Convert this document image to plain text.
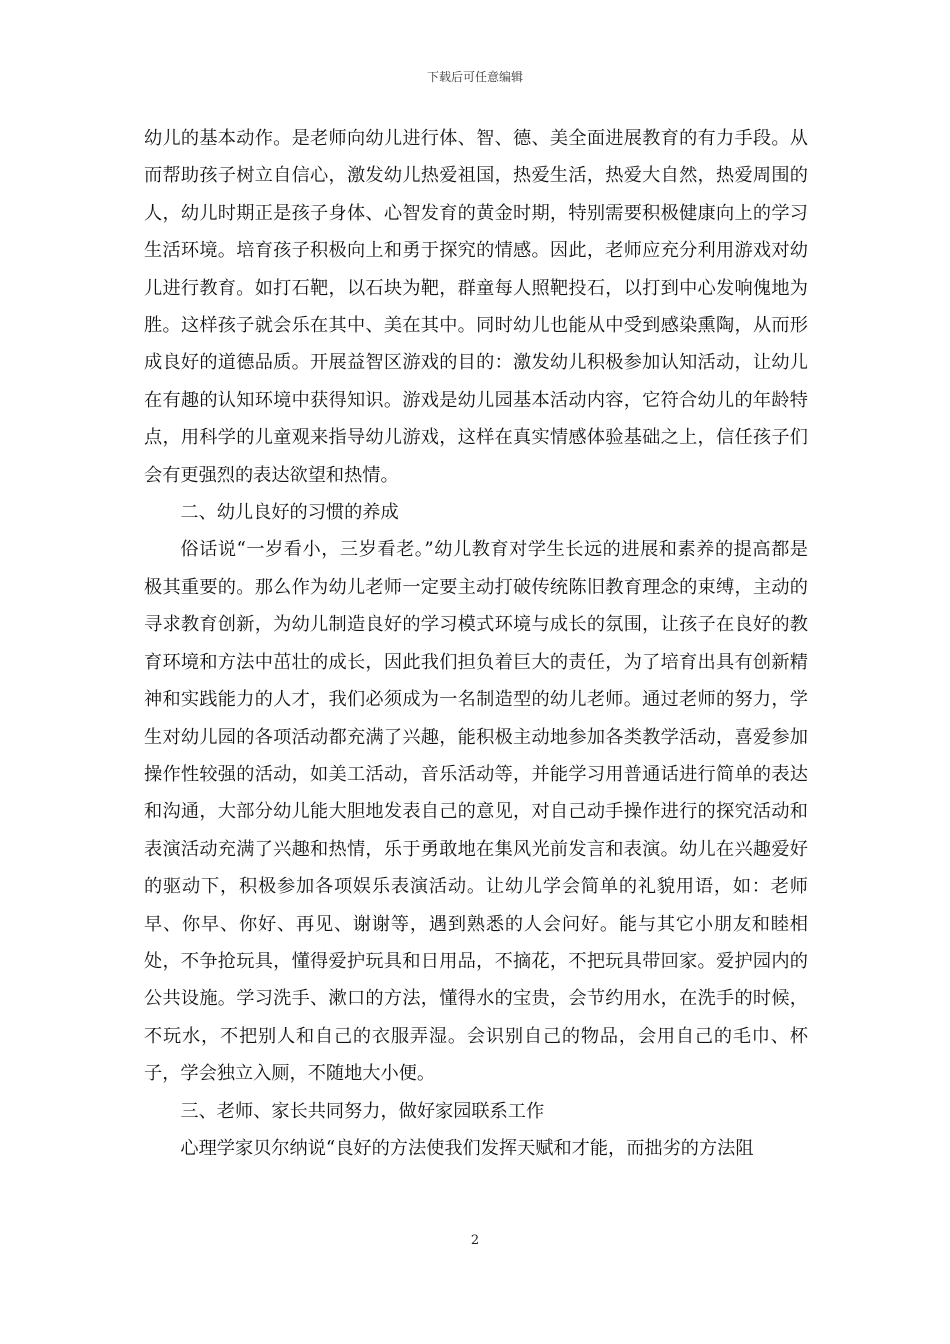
下载后可任意编辑

幼儿的基本动作。是老师向幼儿进行体、智、德、美全面进展教育的有力手段。从而帮助孩子树立自信心，激发幼儿热爱祖国，热爱生活，热爱大自然，热爱周围的人，幼儿时期正是孩子身体、心智发育的黄金时期，特别需要积极健康向上的学习生活环境。培育孩子积极向上和勇于探究的情感。因此，老师应充分利用游戏对幼儿进行教育。如打石靶，以石块为靶，群童每人照靶投石，以打到中心发响傀地为胜。这样孩子就会乐在其中、美在其中。同时幼儿也能从中受到感染熏陶，从而形成良好的道德品质。开展益智区游戏的目的：激发幼儿积极参加认知活动，让幼儿在有趣的认知环境中获得知识。游戏是幼儿园基本活动内容，它符合幼儿的年龄特点，用科学的儿童观来指导幼儿游戏，这样在真实情感体验基础之上，信任孩子们会有更强烈的表达欲望和热情。

二、幼儿良好的习惯的养成

俗话说“一岁看小，三岁看老。”幼儿教育对学生长远的进展和素养的提高都是极其重要的。那么作为幼儿老师一定要主动打破传统陈旧教育理念的束缚，主动的寻求教育创新，为幼儿制造良好的学习模式环境与成长的氛围，让孩子在良好的教育环境和方法中茁壮的成长，因此我们担负着巨大的责任，为了培育出具有创新精神和实践能力的人才，我们必须成为一名制造型的幼儿老师。通过老师的努力，学生对幼儿园的各项活动都充满了兴趣，能积极主动地参加各类教学活动，喜爱参加操作性较强的活动，如美工活动，音乐活动等，并能学习用普通话进行简单的表达和沟通，大部分幼儿能大胆地发表自己的意见，对自己动手操作进行的探究活动和表演活动充满了兴趣和热情，乐于勇敢地在集风光前发言和表演。幼儿在兴趣爱好的驱动下，积极参加各项娱乐表演活动。让幼儿学会简单的礼貌用语，如：老师早、你早、你好、再见、谢谢等，遇到熟悉的人会问好。能与其它小朋友和睦相处，不争抢玩具，懂得爱护玩具和日用品，不摘花，不把玩具带回家。爱护园内的公共设施。学习洗手、漱口的方法，懂得水的宝贵，会节约用水，在洗手的时候，不玩水，不把别人和自己的衣服弄湿。会识别自己的物品，会用自己的毛巾、杯子，学会独立入厕，不随地大小便。

三、老师、家长共同努力，做好家园联系工作

心理学家贝尔纳说“良好的方法使我们发挥天赋和才能，而拙劣的方法阻

2
